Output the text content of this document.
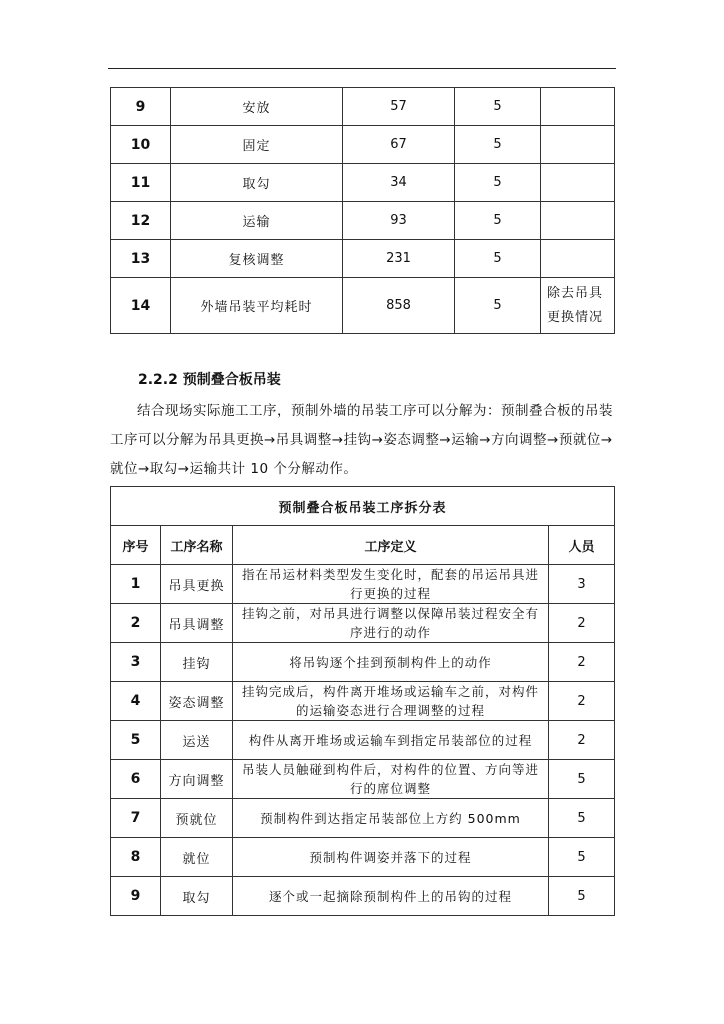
9	安放	57	5	
10	固定	67	5	
11	取勾	34	5	
12	运输	93	5	
13	复核调整	231	5	
14	外墙吊装平均耗时	858	5	除去吊具更换情况
2.2.2 预制叠合板吊装

结合现场实际施工工序，预制外墙的吊装工序可以分解为：预制叠合板的吊装工序可以分解为吊具更换→吊具调整→挂钩→姿态调整→运输→方向调整→预就位→就位→取勾→运输共计 10 个分解动作。

预制叠合板吊装工序拆分表			
序号	工序名称	工序定义	人员
1	吊具更换	指在吊运材料类型发生变化时，配套的吊运吊具进行更换的过程	3
2	吊具调整	挂钩之前，对吊具进行调整以保障吊装过程安全有序进行的动作	2
3	挂钩	将吊钩逐个挂到预制构件上的动作	2
4	姿态调整	挂钩完成后，构件离开堆场或运输车之前，对构件的运输姿态进行合理调整的过程	2
5	运送	构件从离开堆场或运输车到指定吊装部位的过程	2
6	方向调整	吊装人员触碰到构件后，对构件的位置、方向等进行的席位调整	5
7	预就位	预制构件到达指定吊装部位上方约 500mm	5
8	就位	预制构件调姿并落下的过程	5
9	取勾	逐个或一起摘除预制构件上的吊钩的过程	5
